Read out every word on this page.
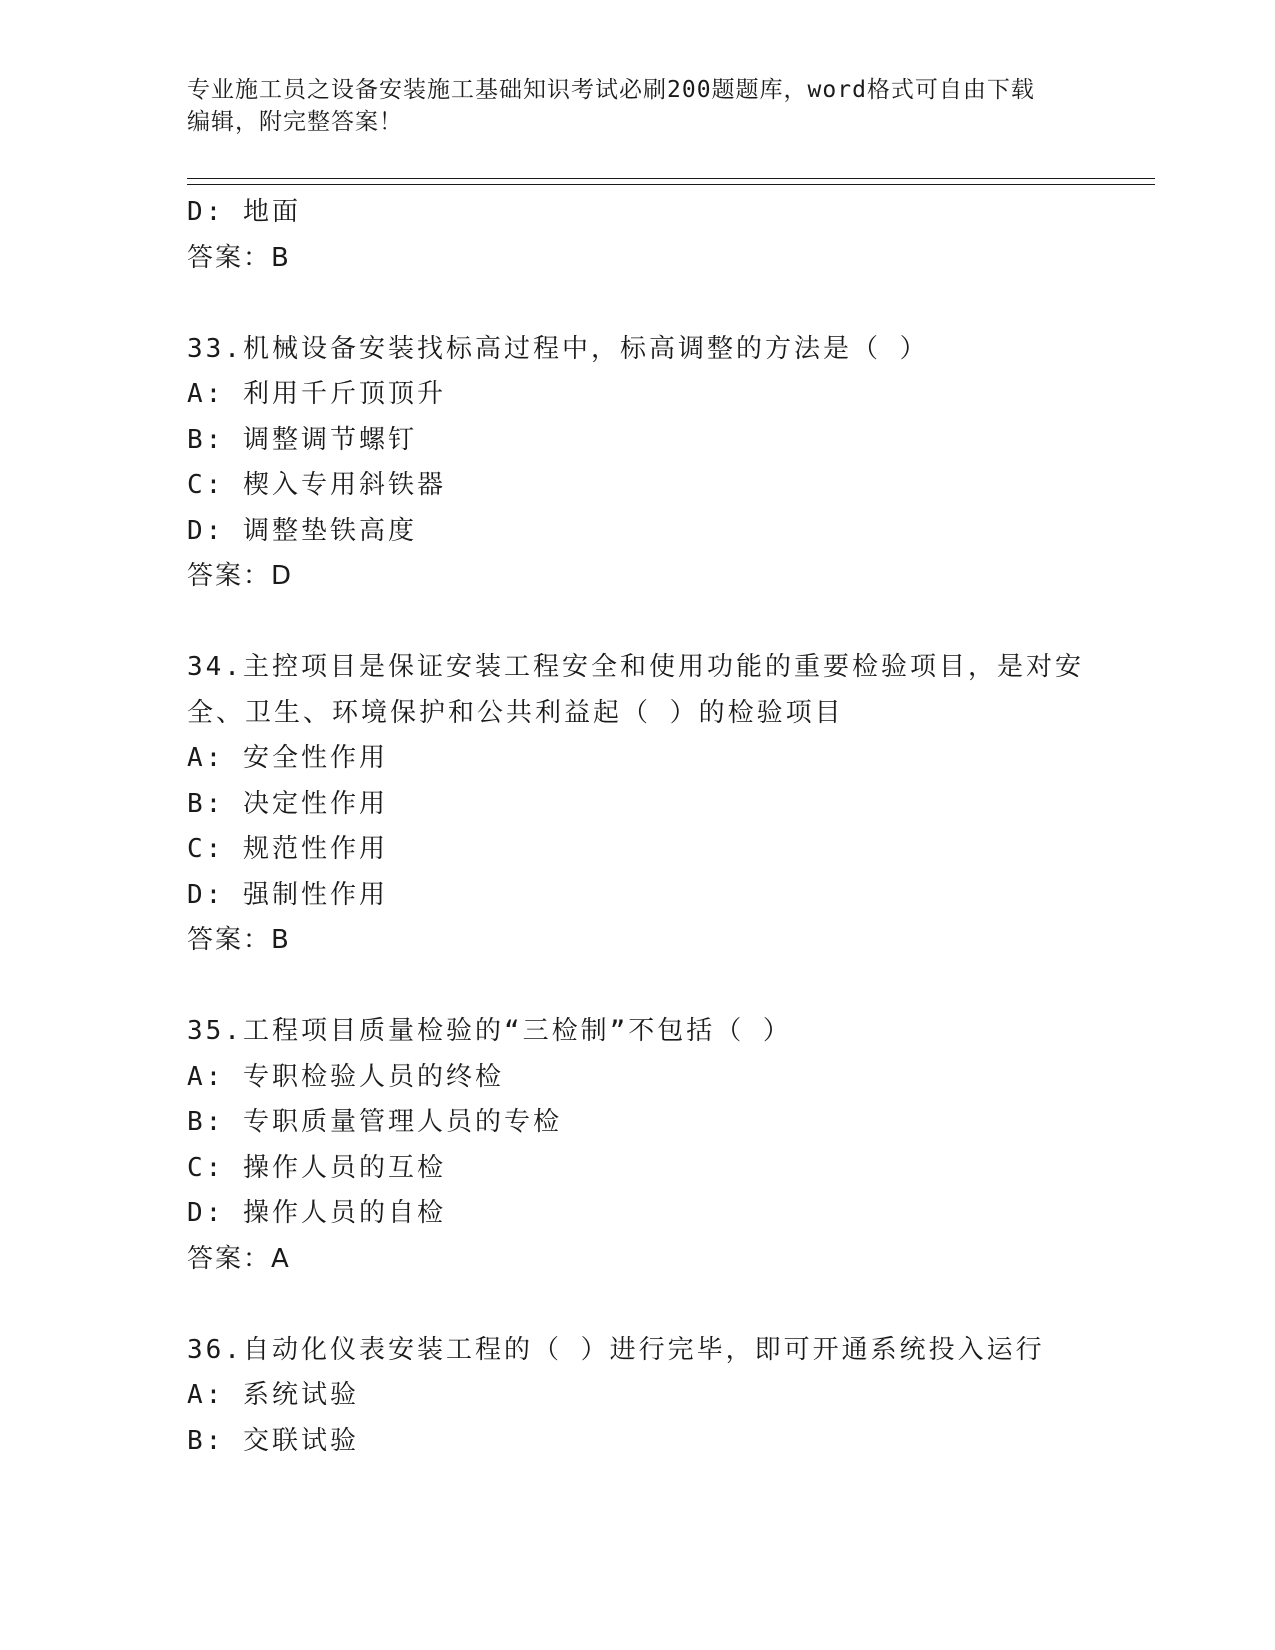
专业施工员之设备安装施工基础知识考试必刷200题题库，word格式可自由下载
编辑，附完整答案！
D: 地面
答案：B
33.机械设备安装找标高过程中，标高调整的方法是（ ）
A: 利用千斤顶顶升
B: 调整调节螺钉
C: 楔入专用斜铁器
D: 调整垫铁高度
答案：D
34.主控项目是保证安装工程安全和使用功能的重要检验项目，是对安
全、卫生、环境保护和公共利益起（ ）的检验项目
A: 安全性作用
B: 决定性作用
C: 规范性作用
D: 强制性作用
答案：B
35.工程项目质量检验的“三检制”不包括（ ）
A: 专职检验人员的终检
B: 专职质量管理人员的专检
C: 操作人员的互检
D: 操作人员的自检
答案：A
36.自动化仪表安装工程的（ ）进行完毕，即可开通系统投入运行
A: 系统试验
B: 交联试验
